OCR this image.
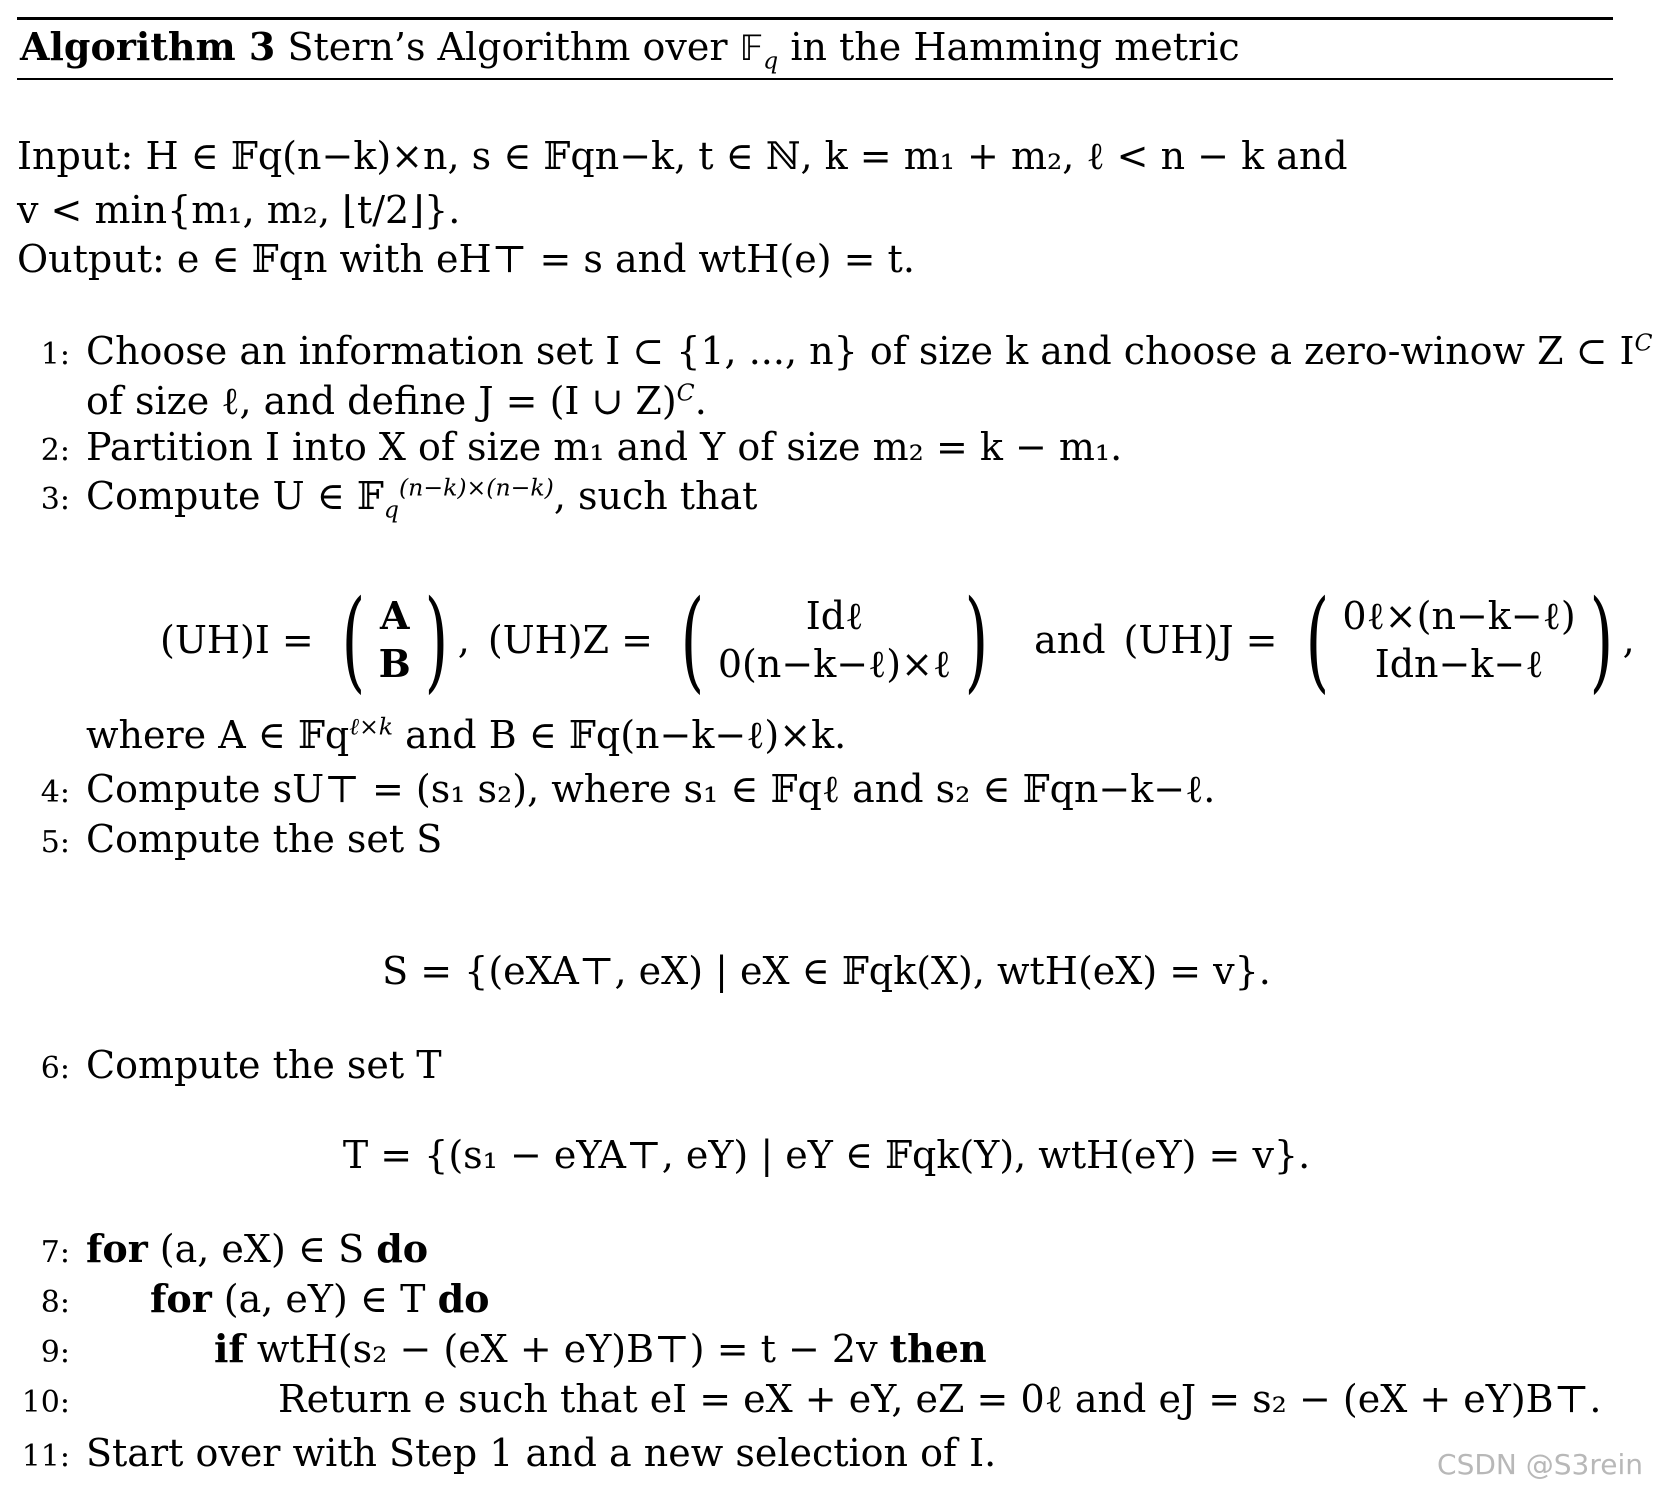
Algorithm 3 Stern’s Algorithm over 𝔽$_q$ in the Hamming metric
Input: H ∈ 𝔽q(n−k)×n, s ∈ 𝔽qn−k, t ∈ ℕ, k = m₁ + m₂, ℓ < n − k and
v < min{m₁, m₂, ⌊t/2⌋}.
Output: e ∈ 𝔽qn with eH⊤ = s and wtH(e) = t.
1: Choose an information set I ⊂ {1, ..., n} of size k and choose a zero-winow Z ⊂ $I^C$
of size ℓ, and define J = (I ∪ Z)$^C$.
2: Partition I into X of size m₁ and Y of size m₂ = k − m₁.
3: Compute U ∈ 𝔽$_q^{(n-k)\times(n-k)}$, such that
(UH)I = ( A
B ) , (UH)Z = (	Idℓ
0(n−k−ℓ)×ℓ ) and (UH)J = ( 0ℓ×(n−k−ℓ)
Idn−k−ℓ ) ,
where A ∈ 𝔽q$^{\ell\times k}$ and B ∈ 𝔽q(n−k−ℓ)×k.
4: Compute sU⊤ = (s₁ s₂), where s₁ ∈ 𝔽qℓ and s₂ ∈ 𝔽qn−k−ℓ.
5: Compute the set S
S = {(eXA⊤, eX) | eX ∈ 𝔽qk(X), wtH(eX) = v}.
6: Compute the set T
T = {(s₁ − eYA⊤, eY) | eY ∈ 𝔽qk(Y), wtH(eY) = v}.
7: for (a, eX) ∈ S do
8: for (a, eY) ∈ T do
9:	if wtH(s₂ − (eX + eY)B⊤) = t − 2v then
10:	Return e such that eI = eX + eY, eZ = 0ℓ and eJ = s₂ − (eX + eY)B⊤.
11: Start over with Step 1 and a new selection of I.	CSDN @S3rein
